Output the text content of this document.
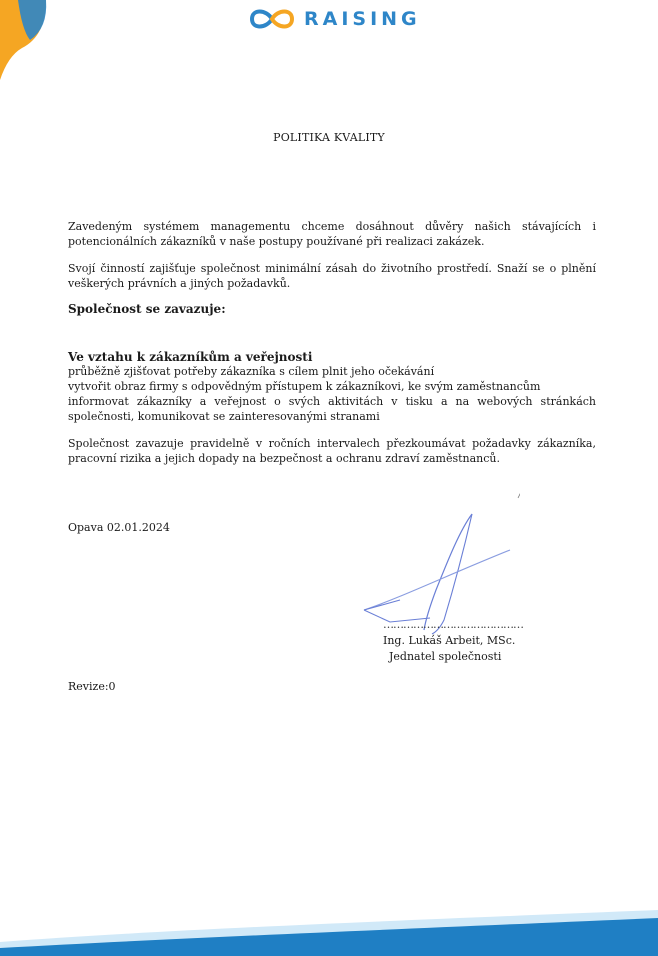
RAISING
POLITIKA KVALITY
Zavedeným systémem managementu chceme dosáhnout důvěry našich stávajících i potencionálních zákazníků v naše postupy používané při realizaci zakázek.
Svojí činností zajišťuje společnost minimální zásah do životního prostředí. Snaží se o plnění veškerých právních a jiných požadavků.
Společnost se zavazuje:
Ve vztahu k zákazníkům a veřejnosti
průběžně zjišťovat potřeby zákazníka s cílem plnit jeho očekávání
vytvořit obraz firmy s odpovědným přístupem k zákazníkovi, ke svým zaměstnancům
informovat zákazníky a veřejnost o svých aktivitách v tisku a na webových stránkách společnosti, komunikovat se zainteresovanými stranami
Společnost zavazuje pravidelně v ročních intervalech přezkoumávat požadavky zákazníka, pracovní rizika a jejich dopady na bezpečnost a ochranu zdraví zaměstnanců.
Opava 02.01.2024
……………………………………
Ing. Lukáš Arbeit, MSc.
Jednatel společnosti
Revize:0
